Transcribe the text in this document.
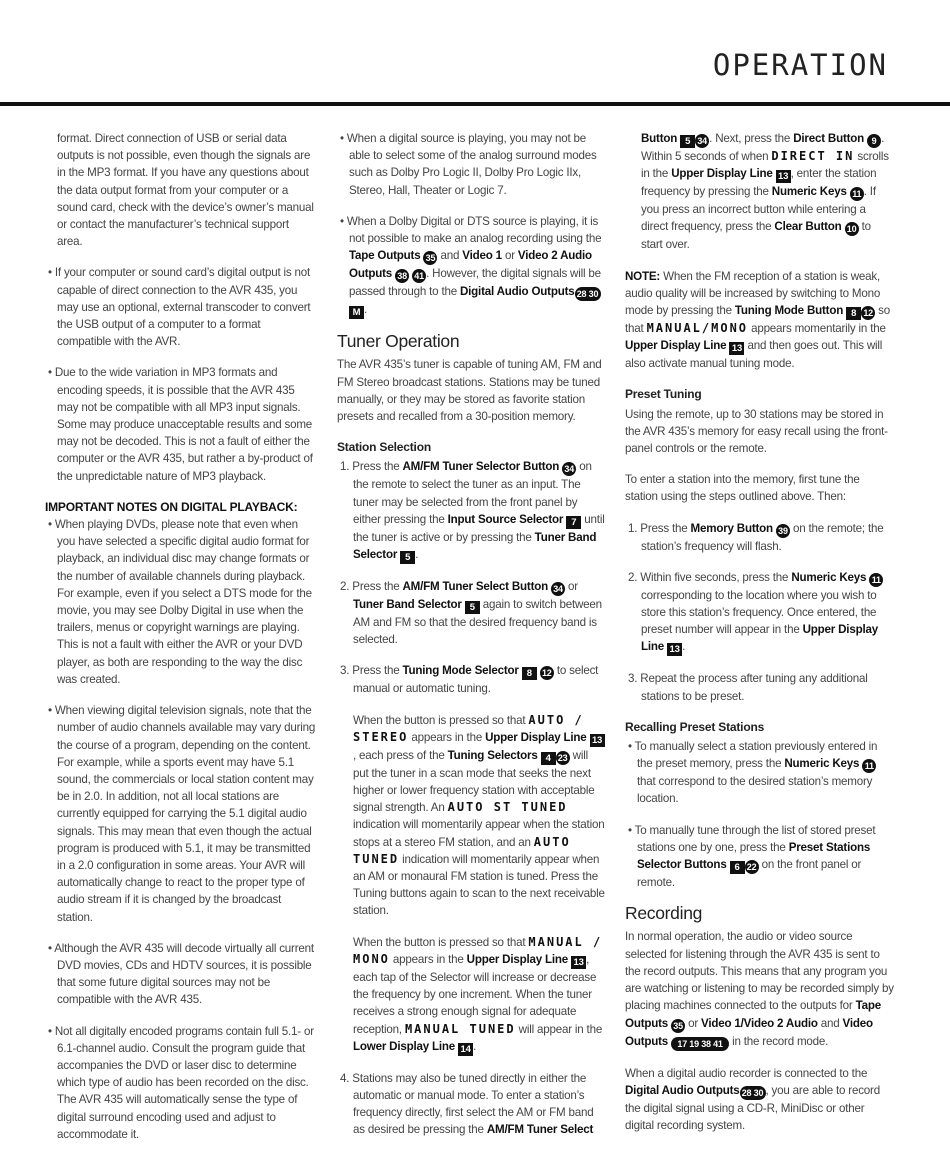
OPERATION

format. Direct connection of USB or serial data outputs is not possible, even though the signals are in the MP3 format. If you have any questions about the data output format from your computer or a sound card, check with the device’s owner’s manual or contact the manufacturer’s technical support area.

• If your computer or sound card’s digital output is not capable of direct connection to the AVR 435, you may use an optional, external transcoder to convert the USB output of a computer to a format compatible with the AVR.

• Due to the wide variation in MP3 formats and encoding speeds, it is possible that the AVR 435 may not be compatible with all MP3 input signals. Some may produce unacceptable results and some may not be decoded. This is not a fault of either the computer or the AVR 435, but rather a by-product of the unpredictable nature of MP3 playback.

IMPORTANT NOTES ON DIGITAL PLAYBACK:

• When playing DVDs, please note that even when you have selected a specific digital audio format for playback, an individual disc may change formats or the number of available channels during playback. For example, even if you select a DTS mode for the movie, you may see Dolby Digital in use when the trailers, menus or copyright warnings are playing. This is not a fault with either the AVR or your DVD player, as both are responding to the way the disc was created.

• When viewing digital television signals, note that the number of audio channels available may vary during the course of a program, depending on the content. For example, while a sports event may have 5.1 sound, the commercials or local station content may be in 2.0. In addition, not all local stations are currently equipped for carrying the 5.1 digital audio signals. This may mean that even though the actual program is produced with 5.1, it may be transmitted in a 2.0 configuration in some areas. Your AVR will automatically change to react to the proper type of audio stream if it is changed by the broadcast station.

• Although the AVR 435 will decode virtually all current DVD movies, CDs and HDTV sources, it is possible that some future digital sources may not be compatible with the AVR 435.

• Not all digitally encoded programs contain full 5.1- or 6.1-channel audio. Consult the program guide that accompanies the DVD or laser disc to determine which type of audio has been recorded on the disc. The AVR 435 will automatically sense the type of digital surround encoding used and adjust to accommodate it.

• When a digital source is playing, you may not be able to select some of the analog surround modes such as Dolby Pro Logic II, Dolby Pro Logic IIx, Stereo, Hall, Theater or Logic 7.

• When a Dolby Digital or DTS source is playing, it is not possible to make an analog recording using the Tape Outputs 35 and Video 1 or Video 2 Audio Outputs 38 41 . However, the digital signals will be passed through to the Digital Audio Outputs 28 30M .

Tuner Operation

The AVR 435’s tuner is capable of tuning AM, FM and FM Stereo broadcast stations. Stations may be tuned manually, or they may be stored as favorite station presets and recalled from a 30-position memory.

Station Selection

1. Press the AM/FM Tuner Selector Button 34 on the remote to select the tuner as an input. The tuner may be selected from the front panel by either pressing the Input Source Selector 7 until the tuner is active or by pressing the Tuner Band Selector 5 .

2. Press the AM/FM Tuner Select Button 34 or Tuner Band Selector 5 again to switch between AM and FM so that the desired frequency band is selected.

3. Press the Tuning Mode Selector 8 12 to select manual or automatic tuning.

When the button is pressed so that AUTO / STEREO appears in the Upper Display Line 13, each press of the Tuning Selectors 4 23 will put the tuner in a scan mode that seeks the next higher or lower frequency station with acceptable signal strength. An AUTO ST TUNED indication will momentarily appear when the station stops at a stereo FM station, and an AUTO TUNED indication will momentarily appear when an AM or monaural FM station is tuned. Press the Tuning buttons again to scan to the next receivable station.

When the button is pressed so that MANUAL / MONO appears in the Upper Display Line 13 , each tap of the Selector will increase or decrease the frequency by one increment. When the tuner receives a strong enough signal for adequate reception, MANUAL TUNED will appear in the Lower Display Line 14 .

4. Stations may also be tuned directly in either the automatic or manual mode. To enter a station’s frequency directly, first select the AM or FM band as desired be pressing the AM/FM Tuner Select

Button 5 34 . Next, press the Direct Button 9 . Within 5 seconds of when DIRECT IN scrolls in the Upper Display Line 13 , enter the station frequency by pressing the Numeric Keys 11 . If you press an incorrect button while entering a direct frequency, press the Clear Button 10 to start over.

NOTE: When the FM reception of a station is weak, audio quality will be increased by switching to Mono mode by pressing the Tuning Mode Button 8 12 so that MANUAL/MONO appears momentarily in the Upper Display Line 13 and then goes out. This will also activate manual tuning mode.

Preset Tuning

Using the remote, up to 30 stations may be stored in the AVR 435’s memory for easy recall using the front-panel controls or the remote.

To enter a station into the memory, first tune the station using the steps outlined above. Then:

1. Press the Memory Button 39 on the remote; the station’s frequency will flash.

2. Within five seconds, press the Numeric Keys 11 corresponding to the location where you wish to store this station’s frequency. Once entered, the preset number will appear in the Upper Display Line 13 .

3. Repeat the process after tuning any additional stations to be preset.

Recalling Preset Stations

• To manually select a station previously entered in the preset memory, press the Numeric Keys 11 that correspond to the desired station’s memory location.

• To manually tune through the list of stored preset stations one by one, press the Preset Stations Selector Buttons 6 22 on the front panel or remote.

Recording

In normal operation, the audio or video source selected for listening through the AVR 435 is sent to the record outputs. This means that any program you are watching or listening to may be recorded simply by placing machines connected to the outputs for Tape Outputs 35 or Video 1/Video 2 Audio and Video Outputs 17 19 38 41 in the record mode.

When a digital audio recorder is connected to the Digital Audio Outputs 28 30 , you are able to record the digital signal using a CD-R, MiniDisc or other digital recording system.
